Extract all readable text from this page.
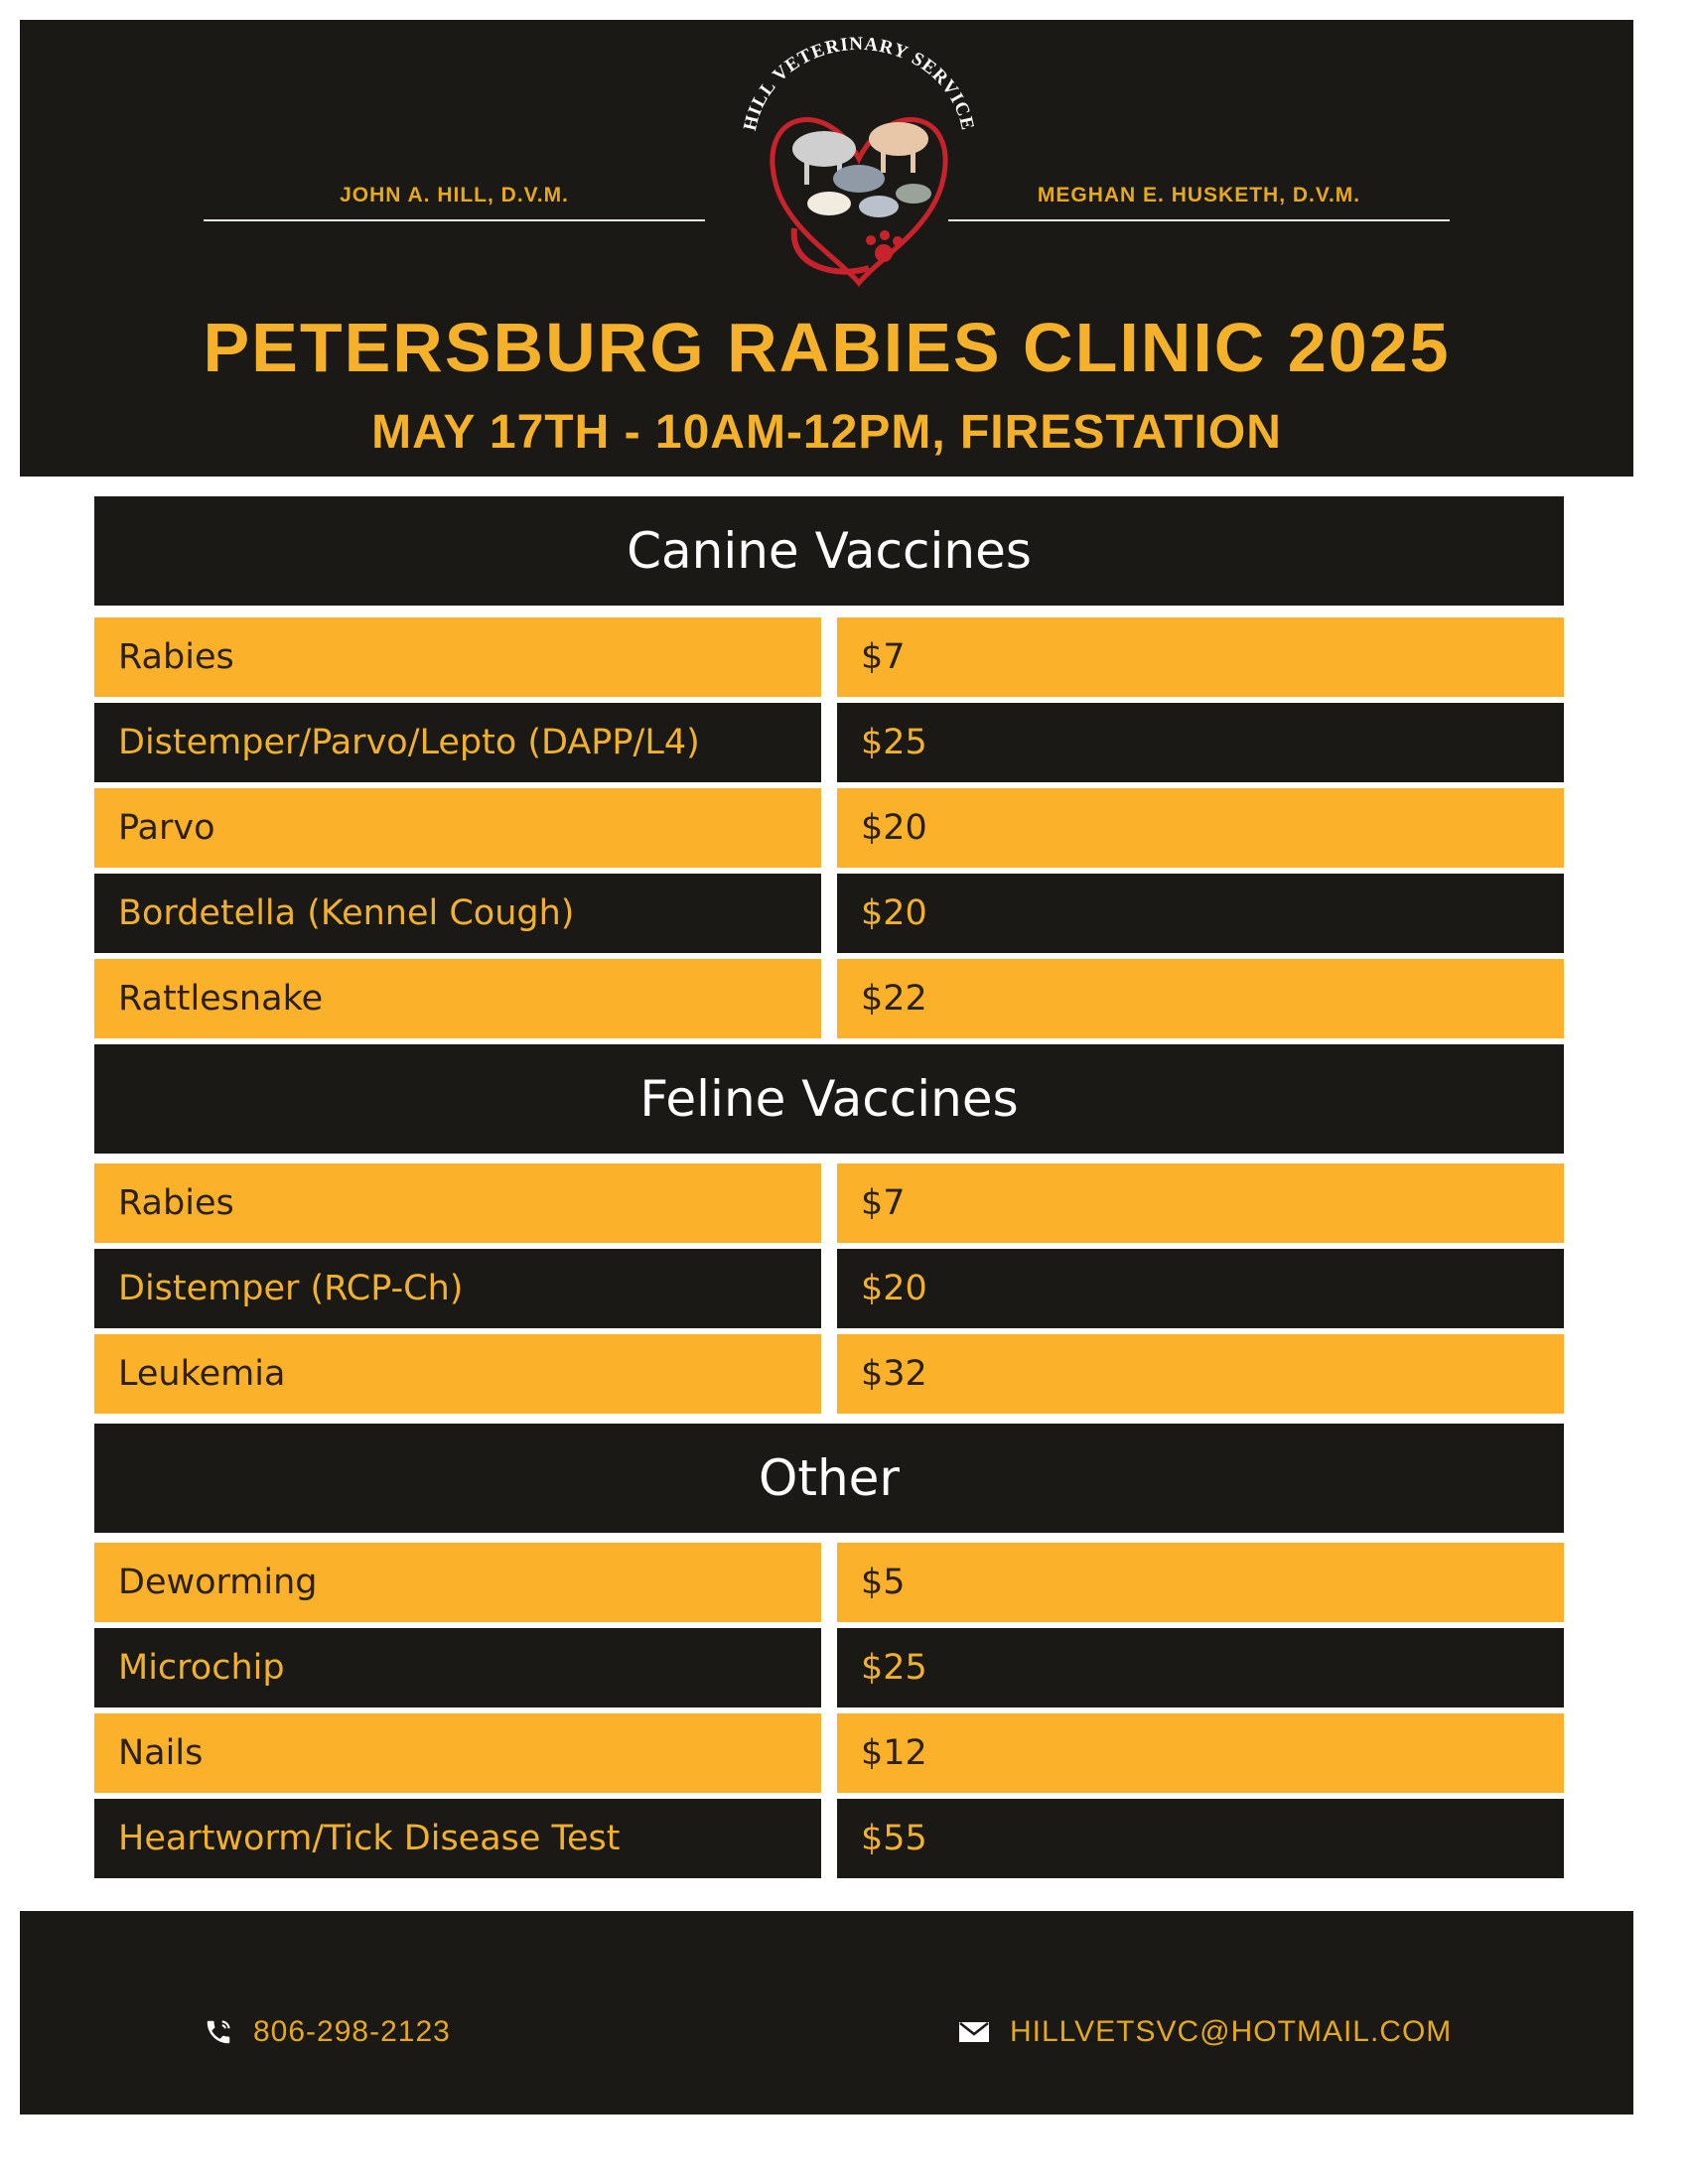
HILL VETERINARY SERVICE
JOHN A. HILL, D.V.M.	MEGHAN E. HUSKETH, D.V.M.
PETERSBURG RABIES CLINIC 2025
MAY 17TH - 10AM-12PM, FIRESTATION
Canine Vaccines
Rabies	$7
Distemper/Parvo/Lepto (DAPP/L4)	$25
Parvo	$20
Bordetella (Kennel Cough)	$20
Rattlesnake	$22
Feline Vaccines
Rabies	$7
Distemper (RCP-Ch)	$20
Leukemia	$32
Other
Deworming	$5
Microchip	$25
Nails	$12
Heartworm/Tick Disease Test	$55
806-298-2123	HILLVETSVC@HOTMAIL.COM
